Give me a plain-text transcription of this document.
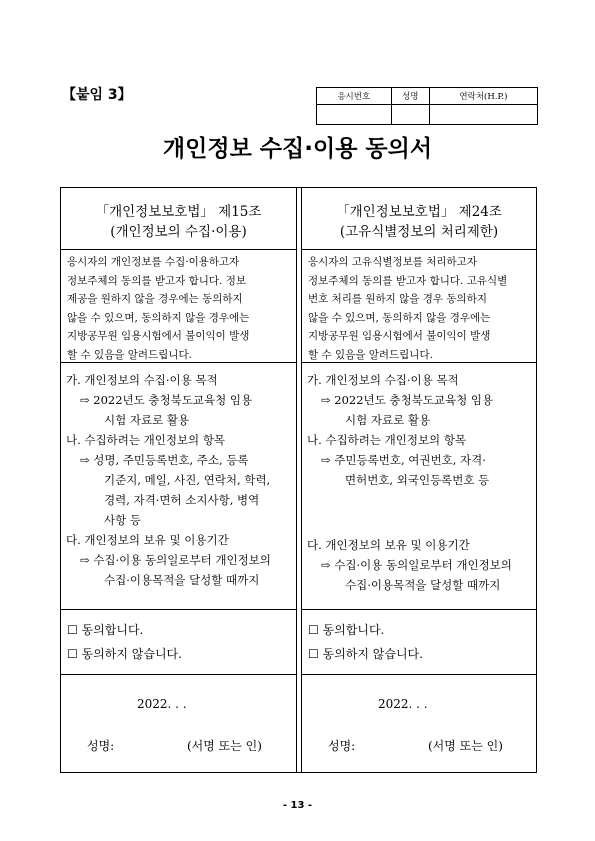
【붙임 3】	응시번호	성명	연락처(H.P.)

개인정보 수집·이용 동의서
「개인정보보호법」 제15조
(개인정보의 수집·이용)
응시자의 개인정보를 수집·이용하고자
정보주체의 동의를 받고자 합니다. 정보
제공을 원하지 않을 경우에는 동의하지
않을 수 있으며, 동의하지 않을 경우에는
지방공무원 임용시험에서 불이익이 발생
할 수 있음을 알려드립니다.
가. 개인정보의 수집·이용 목적
⇨ 2022년도 충청북도교육청 임용
시험 자료로 활용
나. 수집하려는 개인정보의 항목
⇨ 성명, 주민등록번호, 주소, 등록
기준지, 메일, 사진, 연락처, 학력,
경력, 자격·면허 소지사항, 병역
사항 등
다. 개인정보의 보유 및 이용기간
⇨ 수집·이용 동의일로부터 개인정보의
수집·이용목적을 달성할 때까지
☐ 동의합니다.
☐ 동의하지 않습니다.
2022. . .
성명:	(서명 또는 인)
「개인정보보호법」 제24조
(고유식별정보의 처리제한)
응시자의 고유식별정보를 처리하고자
정보주체의 동의를 받고자 합니다. 고유식별
번호 처리를 원하지 않을 경우 동의하지
않을 수 있으며, 동의하지 않을 경우에는
지방공무원 임용시험에서 불이익이 발생
할 수 있음을 알려드립니다.
가. 개인정보의 수집·이용 목적
⇨ 2022년도 충청북도교육청 임용
시험 자료로 활용
나. 수집하려는 개인정보의 항목
⇨ 주민등록번호, 여권번호, 자격·
면허번호, 외국인등록번호 등
다. 개인정보의 보유 및 이용기간
⇨ 수집·이용 동의일로부터 개인정보의
수집·이용목적을 달성할 때까지
☐ 동의합니다.
☐ 동의하지 않습니다.
2022. . .
성명:	(서명 또는 인)
- 13 -
